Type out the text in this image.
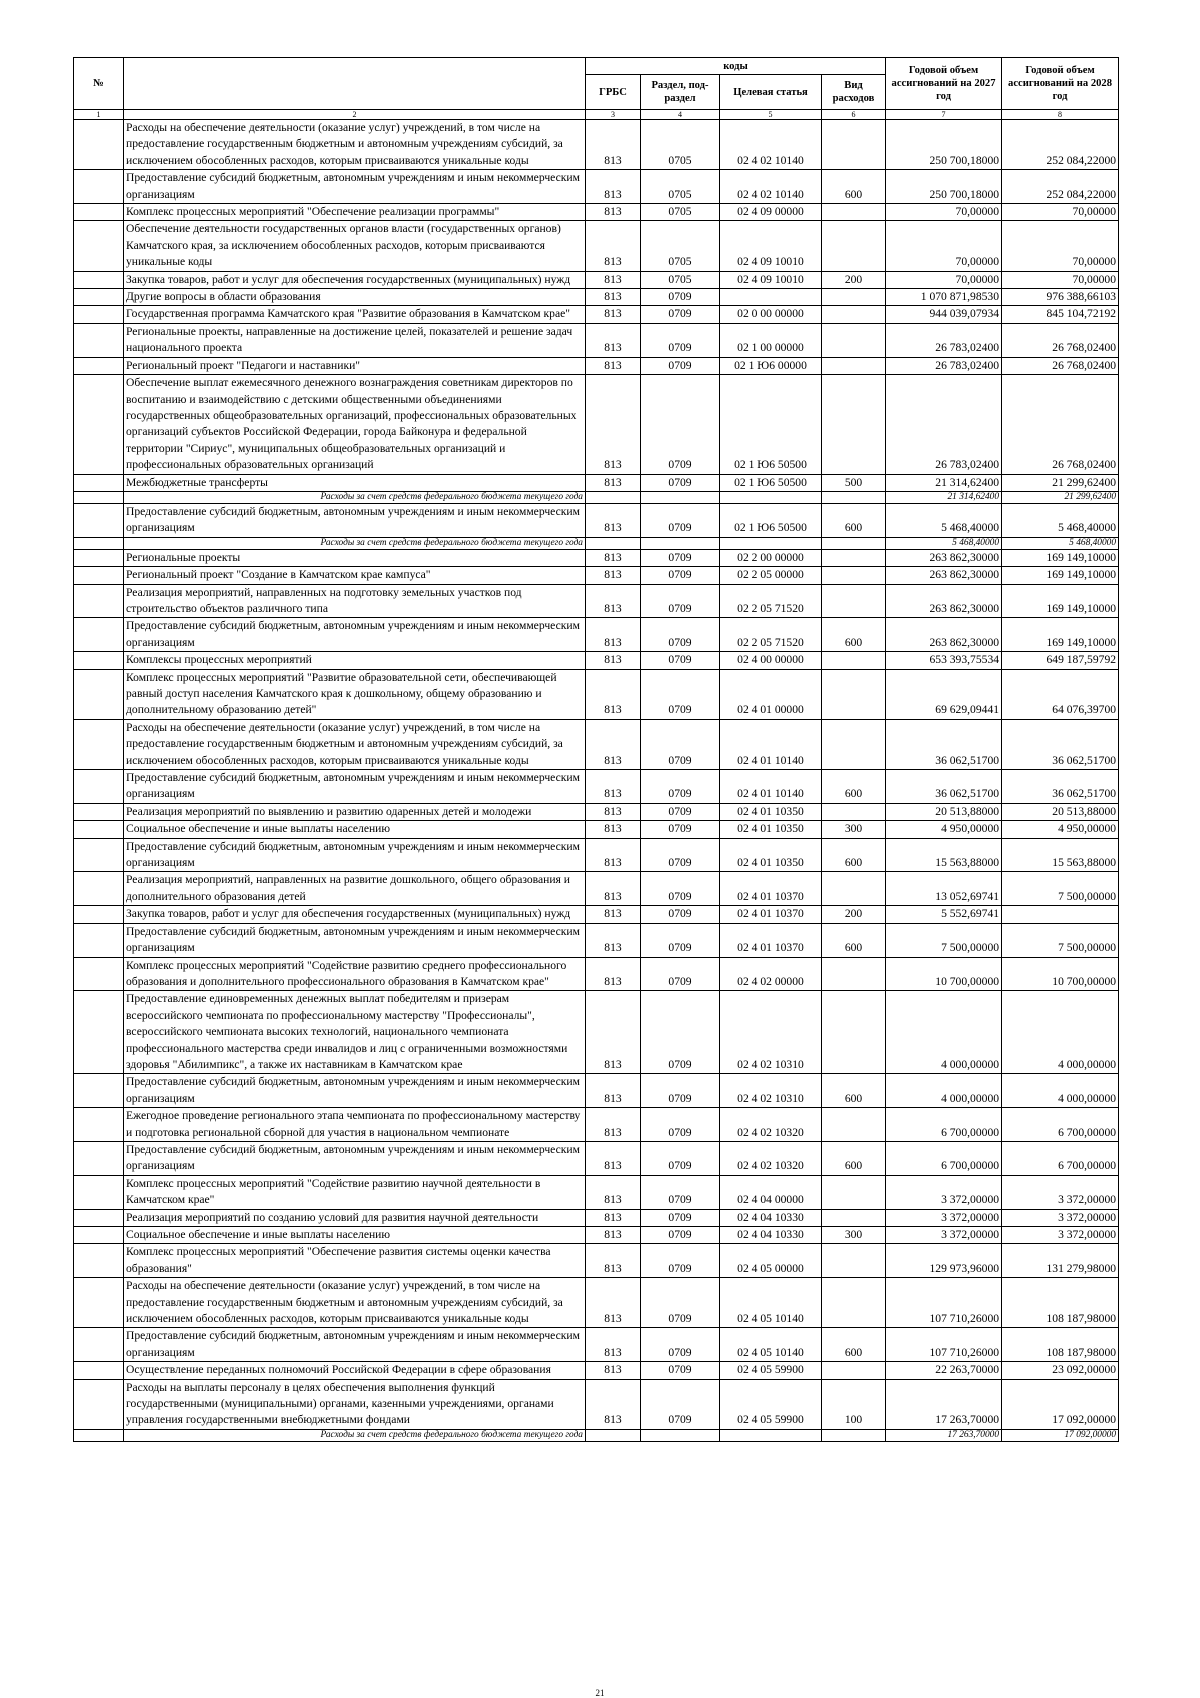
№		коды				Годовой объем ассигнований на 2027 год	Годовой объем ассигнований на 2028 год
		ГРБС	Раздел, под-раздел	Целевая статья	Вид расходов		
1	2	3	4	5	6	7	8
	Расходы на обеспечение деятельности (оказание услуг) учреждений, в том числе на предоставление государственным бюджетным и автономным учреждениям субсидий, за исключением обособленных расходов, которым присваиваются уникальные коды	813	0705	02 4 02 10140		250 700,18000	252 084,22000
	Предоставление субсидий бюджетным, автономным учреждениям и иным некоммерческим организациям	813	0705	02 4 02 10140	600	250 700,18000	252 084,22000
	Комплекс процессных мероприятий "Обеспечение реализации программы"	813	0705	02 4 09 00000		70,00000	70,00000
	Обеспечение деятельности государственных органов власти (государственных органов) Камчатского края, за исключением обособленных расходов, которым присваиваются уникальные коды	813	0705	02 4 09 10010		70,00000	70,00000
	Закупка товаров, работ и услуг для обеспечения государственных (муниципальных) нужд	813	0705	02 4 09 10010	200	70,00000	70,00000
	Другие вопросы в области образования	813	0709			1 070 871,98530	976 388,66103
	Государственная программа Камчатского края "Развитие образования в Камчатском крае"	813	0709	02 0 00 00000		944 039,07934	845 104,72192
	Региональные проекты, направленные на достижение целей, показателей и решение задач национального проекта	813	0709	02 1 00 00000		26 783,02400	26 768,02400
	Региональный проект "Педагоги и наставники"	813	0709	02 1 Ю6 00000		26 783,02400	26 768,02400
	Обеспечение выплат ежемесячного денежного вознаграждения советникам директоров по воспитанию и взаимодействию с детскими общественными объединениями государственных общеобразовательных организаций, профессиональных образовательных организаций субъектов Российской Федерации, города Байконура и федеральной территории "Сириус", муниципальных общеобразовательных организаций и профессиональных образовательных организаций	813	0709	02 1 Ю6 50500		26 783,02400	26 768,02400
	Межбюджетные трансферты	813	0709	02 1 Ю6 50500	500	21 314,62400	21 299,62400
	Расходы за счет средств федерального бюджета текущего года					21 314,62400	21 299,62400
	Предоставление субсидий бюджетным, автономным учреждениям и иным некоммерческим организациям	813	0709	02 1 Ю6 50500	600	5 468,40000	5 468,40000
	Расходы за счет средств федерального бюджета текущего года					5 468,40000	5 468,40000
	Региональные проекты	813	0709	02 2 00 00000		263 862,30000	169 149,10000
	Региональный проект "Создание в Камчатском крае кампуса"	813	0709	02 2 05 00000		263 862,30000	169 149,10000
	Реализация мероприятий, направленных на подготовку земельных участков под строительство объектов различного типа	813	0709	02 2 05 71520		263 862,30000	169 149,10000
	Предоставление субсидий бюджетным, автономным учреждениям и иным некоммерческим организациям	813	0709	02 2 05 71520	600	263 862,30000	169 149,10000
	Комплексы процессных мероприятий	813	0709	02 4 00 00000		653 393,75534	649 187,59792
	Комплекс процессных мероприятий "Развитие образовательной сети, обеспечивающей равный доступ населения Камчатского края к дошкольному, общему образованию и дополнительному образованию детей"	813	0709	02 4 01 00000		69 629,09441	64 076,39700
	Расходы на обеспечение деятельности (оказание услуг) учреждений, в том числе на предоставление государственным бюджетным и автономным учреждениям субсидий, за исключением обособленных расходов, которым присваиваются уникальные коды	813	0709	02 4 01 10140		36 062,51700	36 062,51700
	Предоставление субсидий бюджетным, автономным учреждениям и иным некоммерческим организациям	813	0709	02 4 01 10140	600	36 062,51700	36 062,51700
	Реализация мероприятий по выявлению и развитию одаренных детей и молодежи	813	0709	02 4 01 10350		20 513,88000	20 513,88000
	Социальное обеспечение и иные выплаты населению	813	0709	02 4 01 10350	300	4 950,00000	4 950,00000
	Предоставление субсидий бюджетным, автономным учреждениям и иным некоммерческим организациям	813	0709	02 4 01 10350	600	15 563,88000	15 563,88000
	Реализация мероприятий, направленных на развитие дошкольного, общего образования и дополнительного образования детей	813	0709	02 4 01 10370		13 052,69741	7 500,00000
	Закупка товаров, работ и услуг для обеспечения государственных (муниципальных) нужд	813	0709	02 4 01 10370	200	5 552,69741	
	Предоставление субсидий бюджетным, автономным учреждениям и иным некоммерческим организациям	813	0709	02 4 01 10370	600	7 500,00000	7 500,00000
	Комплекс процессных мероприятий "Содействие развитию среднего профессионального образования и дополнительного профессионального образования в Камчатском крае"	813	0709	02 4 02 00000		10 700,00000	10 700,00000
	Предоставление единовременных денежных выплат победителям и призерам всероссийского чемпионата по профессиональному мастерству "Профессионалы", всероссийского чемпионата высоких технологий, национального чемпионата профессионального мастерства среди инвалидов и лиц с ограниченными возможностями здоровья "Абилимпикс", а также их наставникам в Камчатском крае	813	0709	02 4 02 10310		4 000,00000	4 000,00000
	Предоставление субсидий бюджетным, автономным учреждениям и иным некоммерческим организациям	813	0709	02 4 02 10310	600	4 000,00000	4 000,00000
	Ежегодное проведение регионального этапа чемпионата по профессиональному мастерству и подготовка региональной сборной для участия в национальном чемпионате	813	0709	02 4 02 10320		6 700,00000	6 700,00000
	Предоставление субсидий бюджетным, автономным учреждениям и иным некоммерческим организациям	813	0709	02 4 02 10320	600	6 700,00000	6 700,00000
	Комплекс процессных мероприятий "Содействие развитию научной деятельности в Камчатском крае"	813	0709	02 4 04 00000		3 372,00000	3 372,00000
	Реализация мероприятий по созданию условий для развития научной деятельности	813	0709	02 4 04 10330		3 372,00000	3 372,00000
	Социальное обеспечение и иные выплаты населению	813	0709	02 4 04 10330	300	3 372,00000	3 372,00000
	Комплекс процессных мероприятий "Обеспечение развития системы оценки качества образования"	813	0709	02 4 05 00000		129 973,96000	131 279,98000
	Расходы на обеспечение деятельности (оказание услуг) учреждений, в том числе на предоставление государственным бюджетным и автономным учреждениям субсидий, за исключением обособленных расходов, которым присваиваются уникальные коды	813	0709	02 4 05 10140		107 710,26000	108 187,98000
	Предоставление субсидий бюджетным, автономным учреждениям и иным некоммерческим организациям	813	0709	02 4 05 10140	600	107 710,26000	108 187,98000
	Осуществление переданных полномочий Российской Федерации в сфере образования	813	0709	02 4 05 59900		22 263,70000	23 092,00000
	Расходы на выплаты персоналу в целях обеспечения выполнения функций государственными (муниципальными) органами, казенными учреждениями, органами управления государственными внебюджетными фондами	813	0709	02 4 05 59900	100	17 263,70000	17 092,00000
	Расходы за счет средств федерального бюджета текущего года					17 263,70000	17 092,00000
21
